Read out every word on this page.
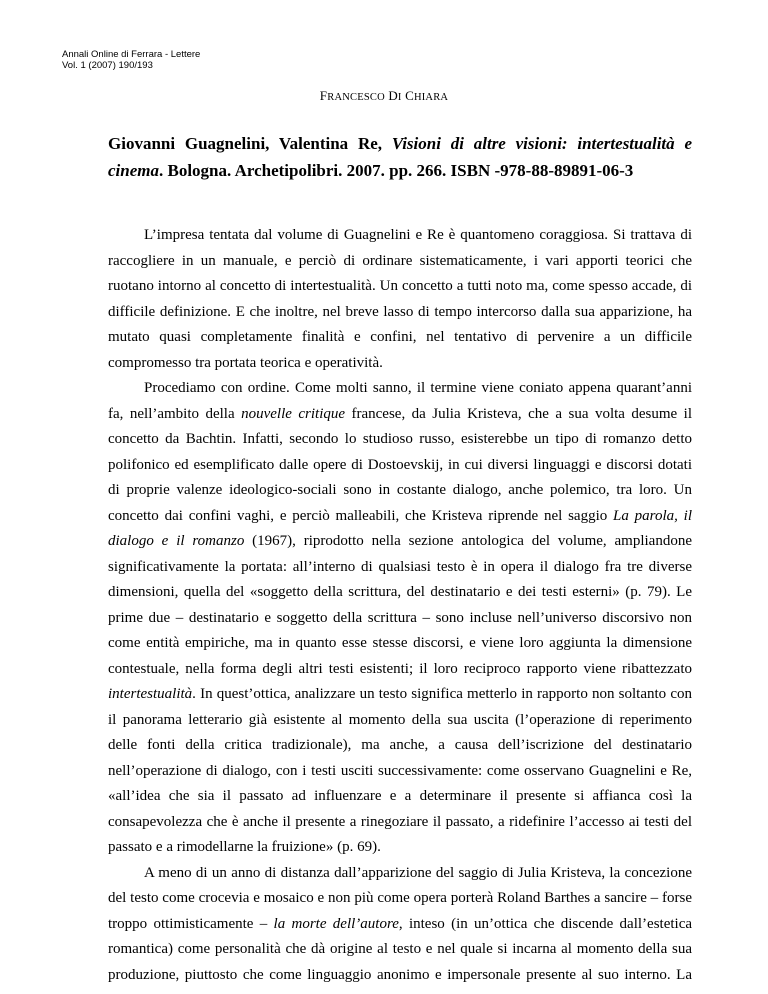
Annali Online di Ferrara - Lettere
Vol. 1 (2007) 190/193
FRANCESCO DI CHIARA
Giovanni Guagnelini, Valentina Re, Visioni di altre visioni: intertestualità e cinema. Bologna. Archetipolibri. 2007. pp. 266. ISBN -978-88-89891-06-3

L’impresa tentata dal volume di Guagnelini e Re è quantomeno coraggiosa. Si trattava di raccogliere in un manuale, e perciò di ordinare sistematicamente, i vari apporti teorici che ruotano intorno al concetto di intertestualità. Un concetto a tutti noto ma, come spesso accade, di difficile definizione. E che inoltre, nel breve lasso di tempo intercorso dalla sua apparizione, ha mutato quasi completamente finalità e confini, nel tentativo di pervenire a un difficile compromesso tra portata teorica e operatività.

Procediamo con ordine. Come molti sanno, il termine viene coniato appena quarant’anni fa, nell’ambito della nouvelle critique francese, da Julia Kristeva, che a sua volta desume il concetto da Bachtin. Infatti, secondo lo studioso russo, esisterebbe un tipo di romanzo detto polifonico ed esemplificato dalle opere di Dostoevskij, in cui diversi linguaggi e discorsi dotati di proprie valenze ideologico-sociali sono in costante dialogo, anche polemico, tra loro. Un concetto dai confini vaghi, e perciò malleabili, che Kristeva riprende nel saggio La parola, il dialogo e il romanzo (1967), riprodotto nella sezione antologica del volume, ampliandone significativamente la portata: all’interno di qualsiasi testo è in opera il dialogo fra tre diverse dimensioni, quella del «soggetto della scrittura, del destinatario e dei testi esterni» (p. 79). Le prime due – destinatario e soggetto della scrittura – sono incluse nell’universo discorsivo non come entità empiriche, ma in quanto esse stesse discorsi, e viene loro aggiunta la dimensione contestuale, nella forma degli altri testi esistenti; il loro reciproco rapporto viene ribattezzato intertestualità. In quest’ottica, analizzare un testo significa metterlo in rapporto non soltanto con il panorama letterario già esistente al momento della sua uscita (l’operazione di reperimento delle fonti della critica tradizionale), ma anche, a causa dell’iscrizione del destinatario nell’operazione di dialogo, con i testi usciti successivamente: come osservano Guagnelini e Re, «all’idea che sia il passato ad influenzare e a determinare il presente si affianca così la consapevolezza che è anche il presente a rinegoziare il passato, a ridefinire l’accesso ai testi del passato e a rimodellarne la fruizione» (p. 69).

A meno di un anno di distanza dall’apparizione del saggio di Julia Kristeva, la concezione del testo come crocevia e mosaico e non più come opera porterà Roland Barthes a sancire – forse troppo ottimisticamente – la morte dell’autore, inteso (in un’ottica che discende dall’estetica romantica) come personalità che dà origine al testo e nel quale si incarna al momento della sua produzione, piuttosto che come linguaggio anonimo e impersonale presente al suo interno. La
